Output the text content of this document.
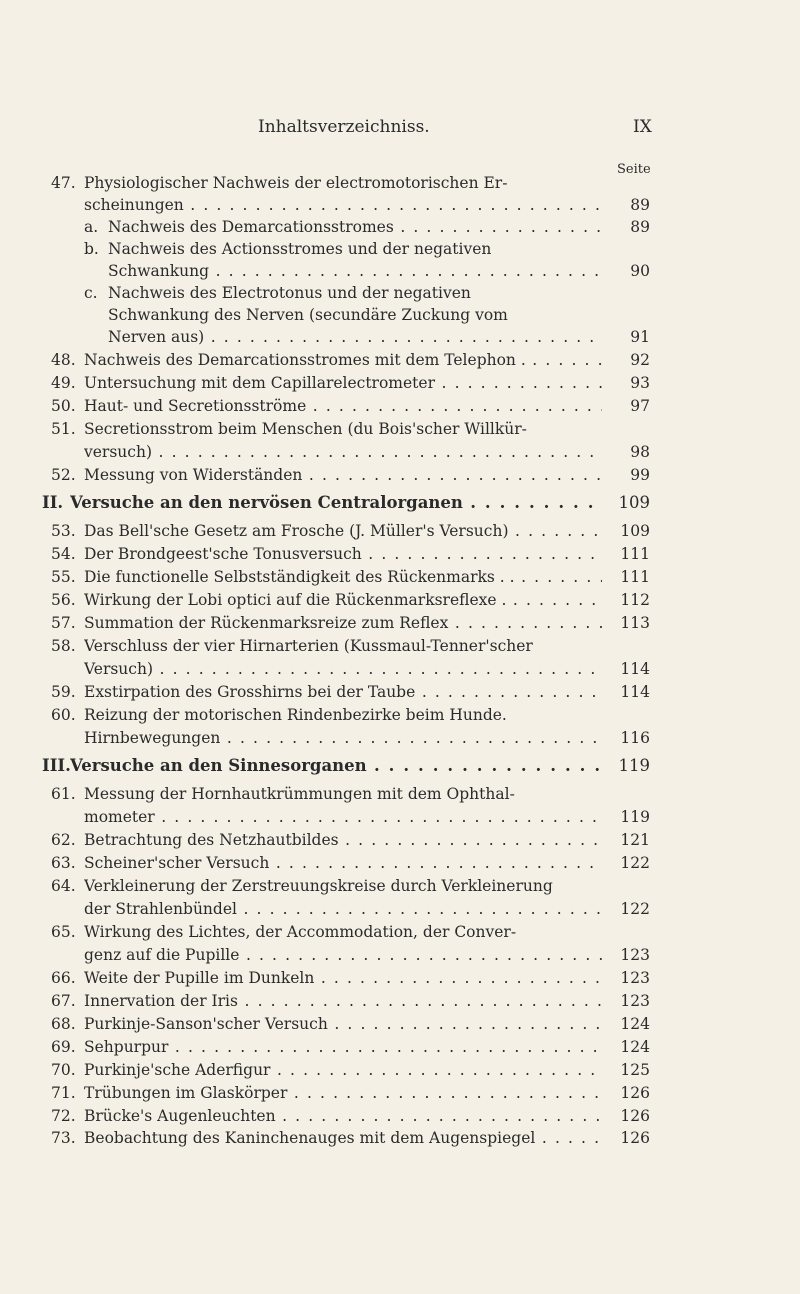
Inhaltsverzeichniss.	IX
Seite
47. Physiologischer Nachweis der electromotorischen Er-
scheinungen . . .	89
a. Nachweis des Demarcationsstromes . . .	89
b. Nachweis des Actionsstromes und der negativen
Schwankung . . .	90
c. Nachweis des Electrotonus und der negativen
Schwankung des Nerven (secundäre Zuckung vom
Nerven aus) . . .	91
48. Nachweis des Demarcationsstromes mit dem Telephon . . . .	92
49. Untersuchung mit dem Capillarelectrometer . . .	93
50. Haut- und Secretionsströme . . .	97
51. Secretionsstrom beim Menschen (du Bois'scher Willkür-
versuch) . . .	98
52. Messung von Widerständen . . .	99
II. Versuche an den nervösen Centralorganen . . .	109
53. Das Bell'sche Gesetz am Frosche (J. Müller's Versuch) . . .	109
54. Der Brondgeest'sche Tonusversuch . . .	111
55. Die functionelle Selbstständigkeit des Rückenmarks . . . . .	111
56. Wirkung der Lobi optici auf die Rückenmarksreflexe . . . .	112
57. Summation der Rückenmarksreize zum Reflex . . .	113
58. Verschluss der vier Hirnarterien (Kussmaul-Tenner'scher
Versuch) . . .	114
59. Exstirpation des Grosshirns bei der Taube . . .	114
60. Reizung der motorischen Rindenbezirke beim Hunde.
Hirnbewegungen . . .	116
III. Versuche an den Sinnesorganen . . .	119
61. Messung der Hornhautkrümmungen mit dem Ophthal-
mometer . . .	119
62. Betrachtung des Netzhautbildes . . .	121
63. Scheiner'scher Versuch . . .	122
64. Verkleinerung der Zerstreuungskreise durch Verkleinerung
der Strahlenbündel . . .	122
65. Wirkung des Lichtes, der Accommodation, der Conver-
genz auf die Pupille . . .	123
66. Weite der Pupille im Dunkeln . . .	123
67. Innervation der Iris . . .	123
68. Purkinje-Sanson'scher Versuch . . .	124
69. Sehpurpur . . .	124
70. Purkinje'sche Aderfigur . . .	125
71. Trübungen im Glaskörper . . .	126
72. Brücke's Augenleuchten . . .	126
73. Beobachtung des Kaninchenauges mit dem Augenspiegel . . .	126
